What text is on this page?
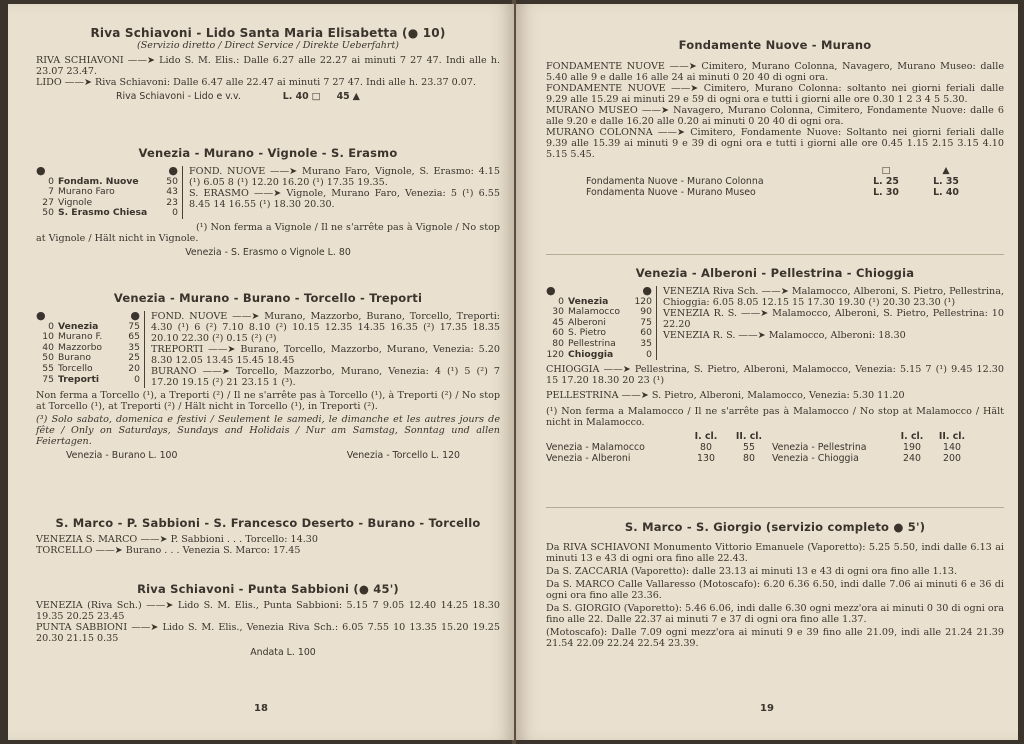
Riva Schiavoni - Lido Santa Maria Elisabetta (● 10)
(Servizio diretto / Direct Service / Direkte Ueberfahrt)
RIVA SCHIAVONI ——➤ Lido S. M. Elis.: Dalle 6.27 alle 22.27 ai minuti 7 27 47. Indi alle h. 23.07 23.47.
LIDO ——➤ Riva Schiavoni: Dalle 6.47 alle 22.47 ai minuti 7 27 47. Indi alle h. 23.37 0.07.
Riva Schiavoni - Lido e v.v.	L. 40 □ 45 ▲
Venezia - Murano - Vignole - S. Erasmo
●	●
0 Fondam. Nuove	50
7 Murano Faro	43
27 Vignole	23
50 S. Erasmo Chiesa	0
FOND. NUOVE ——➤ Murano Faro, Vignole, S. Erasmo: 4.15 (¹) 6.05 8 (¹) 12.20 16.20 (¹) 17.35 19.35.
S. ERASMO ——➤ Vignole, Murano Faro, Venezia: 5 (¹) 6.55 8.45 14 16.55 (¹) 18.30 20.30.
(¹) Non ferma a Vignole / Il ne s'arrête pas à Vignole / No stop at Vignole / Hält nicht in Vignole.
Venezia - S. Erasmo o Vignole L. 80
Venezia - Murano - Burano - Torcello - Treporti
●	●
0 Venezia	75
10 Murano F.	65
40 Mazzorbo	35
50 Burano	25
55 Torcello	20
75 Treporti	0
FOND. NUOVE ——➤ Murano, Mazzorbo, Burano, Torcello, Treporti: 4.30 (¹) 6 (²) 7.10 8.10 (²) 10.15 12.35 14.35 16.35 (²) 17.35 18.35 20.10 22.30 (²) 0.15 (²) (³)
TREPORTI ——➤ Burano, Torcello, Mazzorbo, Murano, Venezia: 5.20 8.30 12.05 13.45 15.45 18.45
BURANO ——➤ Torcello, Mazzorbo, Murano, Venezia: 4 (¹) 5 (²) 7 17.20 19.15 (²) 21 23.15 1 (³).
Non ferma a Torcello (¹), a Treporti (²) / Il ne s'arrête pas à Torcello (¹), à Treporti (²) / No stop at Torcello (¹), at Treporti (²) / Hält nicht in Torcello (¹), in Treporti (²).
(³) Solo sabato, domenica e festivi / Seulement le samedi, le dimanche et les autres jours de fête / Only on Saturdays, Sundays and Holidais / Nur am Samstag, Sonntag und allen Feiertagen.
Venezia - Burano L. 100	Venezia - Torcello L. 120
S. Marco - P. Sabbioni - S. Francesco Deserto - Burano - Torcello
VENEZIA S. MARCO ——➤ P. Sabbioni . . . Torcello: 14.30
TORCELLO ——➤ Burano . . . Venezia S. Marco: 17.45
Riva Schiavoni - Punta Sabbioni (● 45')
VENEZIA (Riva Sch.) ——➤ Lido S. M. Elis., Punta Sabbioni: 5.15 7 9.05 12.40 14.25 18.30 19.35 20.25 23.45
PUNTA SABBIONI ——➤ Lido S. M. Elis., Venezia Riva Sch.: 6.05 7.55 10 13.35 15.20 19.25 20.30 21.15 0.35
Andata L. 100
18
Fondamente Nuove - Murano
FONDAMENTE NUOVE ——➤ Cimitero, Murano Colonna, Navagero, Murano Museo: dalle 5.40 alle 9 e dalle 16 alle 24 ai minuti 0 20 40 di ogni ora.
FONDAMENTE NUOVE ——➤ Cimitero, Murano Colonna: soltanto nei giorni feriali dalle 9.29 alle 15.29 ai minuti 29 e 59 di ogni ora e tutti i giorni alle ore 0.30 1 2 3 4 5 5.30.
MURANO MUSEO ——➤ Navagero, Murano Colonna, Cimitero, Fondamente Nuove: dalle 6 alle 9.20 e dalle 16.20 alle 0.20 ai minuti 0 20 40 di ogni ora.
MURANO COLONNA ——➤ Cimitero, Fondamente Nuove: Soltanto nei giorni feriali dalle 9.39 alle 15.39 ai minuti 9 e 39 di ogni ora e tutti i giorni alle ore 0.45 1.15 2.15 3.15 4.10 5.15 5.45.
□	▲
Fondamenta Nuove - Murano Colonna	L. 25	L. 35
Fondamenta Nuove - Murano Museo	L. 30	L. 40
Venezia - Alberoni - Pellestrina - Chioggia
●	●
0 Venezia	120
30 Malamocco 90
45 Alberoni	75
60 S. Pietro	60
80 Pellestrina	35
120 Chioggia	0
VENEZIA Riva Sch. ——➤ Malamocco, Alberoni, S. Pietro, Pellestrina, Chioggia: 6.05 8.05 12.15 15 17.30 19.30 (¹) 20.30 23.30 (¹)
VENEZIA R. S. ——➤ Malamocco, Alberoni, S. Pietro, Pellestrina: 10 22.20
VENEZIA R. S. ——➤ Malamocco, Alberoni: 18.30
CHIOGGIA ——➤ Pellestrina, S. Pietro, Alberoni, Malamocco, Venezia: 5.15 7 (¹) 9.45 12.30 15 17.20 18.30 20 23 (¹)
PELLESTRINA ——➤ S. Pietro, Alberoni, Malamocco, Venezia: 5.30 11.20
(¹) Non ferma a Malamocco / Il ne s'arrête pas à Malamocco / No stop at Malamocco / Hält nicht in Malamocco.
I. cl.	II. cl.	I. cl.	II. cl.
Venezia - Malamocco	80	55	Venezia - Pellestrina	190	140
Venezia - Alberoni	130	80	Venezia - Chioggia	240	200
S. Marco - S. Giorgio (servizio completo ● 5')
Da RIVA SCHIAVONI Monumento Vittorio Emanuele (Vaporetto): 5.25 5.50, indi dalle 6.13 ai minuti 13 e 43 di ogni ora fino alle 22.43.
Da S. ZACCARIA (Vaporetto): dalle 23.13 ai minuti 13 e 43 di ogni ora fino alle 1.13.
Da S. MARCO Calle Vallaresso (Motoscafo): 6.20 6.36 6.50, indi dalle 7.06 ai minuti 6 e 36 di ogni ora fino alle 23.36.
Da S. GIORGIO (Vaporetto): 5.46 6.06, indi dalle 6.30 ogni mezz'ora ai minuti 0 30 di ogni ora fino alle 22. Dalle 22.37 ai minuti 7 e 37 di ogni ora fino alle 1.37.
(Motoscafo): Dalle 7.09 ogni mezz'ora ai minuti 9 e 39 fino alle 21.09, indi alle 21.24 21.39 21.54 22.09 22.24 22.54 23.39.
19
